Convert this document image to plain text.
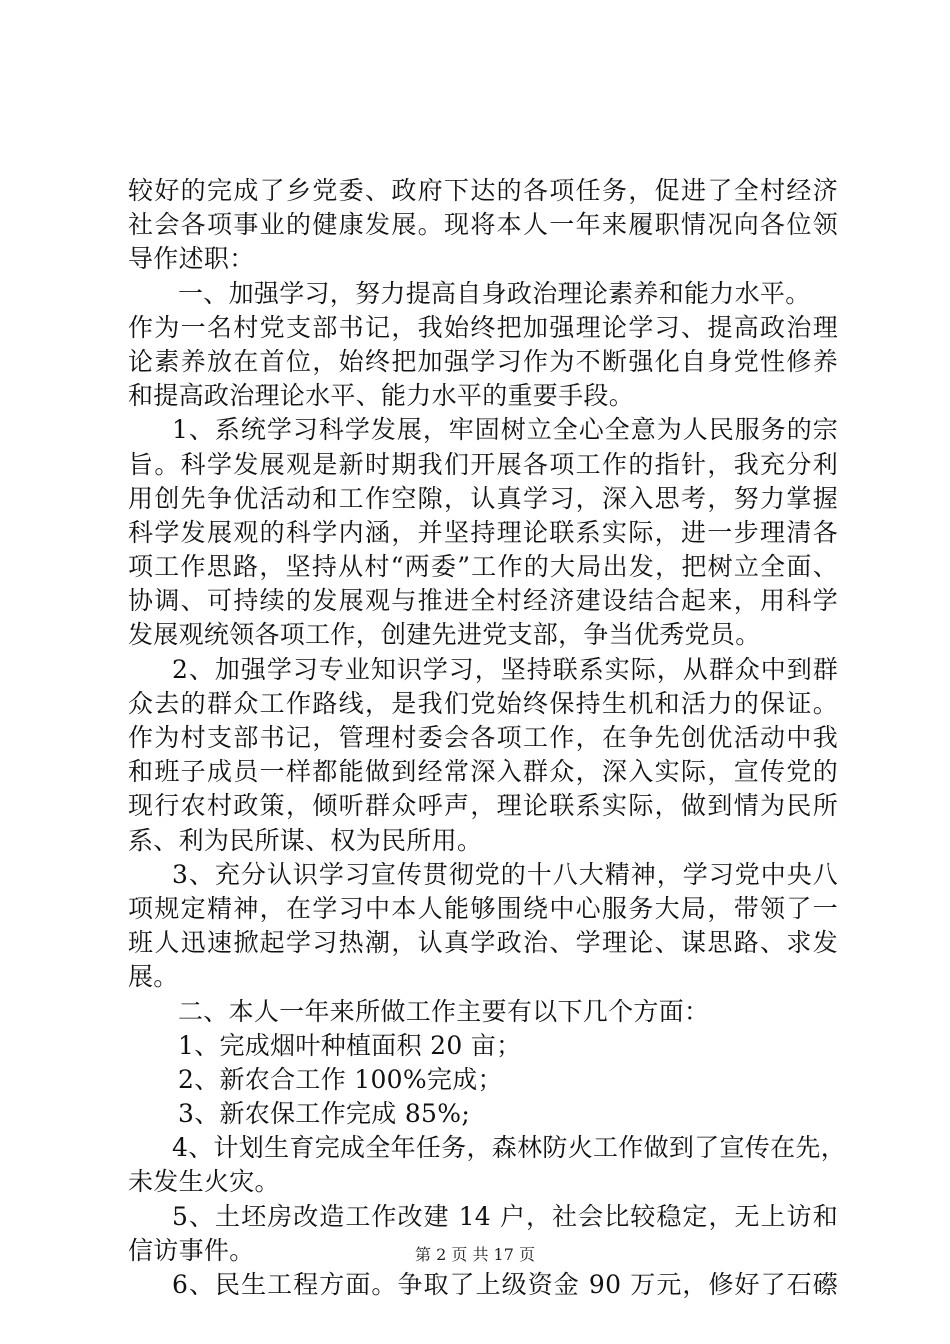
较好的完成了乡党委、政府下达的各项任务，促进了全村经济
社会各项事业的健康发展。现将本人一年来履职情况向各位领
导作述职：
一、加强学习，努力提高自身政治理论素养和能力水平。
作为一名村党支部书记，我始终把加强理论学习、提高政治理
论素养放在首位，始终把加强学习作为不断强化自身党性修养
和提高政治理论水平、能力水平的重要手段。
1、系统学习科学发展，牢固树立全心全意为人民服务的宗
旨。科学发展观是新时期我们开展各项工作的指针，我充分利
用创先争优活动和工作空隙，认真学习，深入思考，努力掌握
科学发展观的科学内涵，并坚持理论联系实际，进一步理清各
项工作思路，坚持从村“两委”工作的大局出发，把树立全面、
协调、可持续的发展观与推进全村经济建设结合起来，用科学
发展观统领各项工作，创建先进党支部，争当优秀党员。
2、加强学习专业知识学习，坚持联系实际，从群众中到群
众去的群众工作路线，是我们党始终保持生机和活力的保证。
作为村支部书记，管理村委会各项工作，在争先创优活动中我
和班子成员一样都能做到经常深入群众，深入实际，宣传党的
现行农村政策，倾听群众呼声，理论联系实际，做到情为民所
系、利为民所谋、权为民所用。
3、充分认识学习宣传贯彻党的十八大精神，学习党中央八
项规定精神，在学习中本人能够围绕中心服务大局，带领了一
班人迅速掀起学习热潮，认真学政治、学理论、谋思路、求发
展。
二、本人一年来所做工作主要有以下几个方面：
1、完成烟叶种植面积 20 亩；
2、新农合工作 100%完成；
3、新农保工作完成 85%;
4、计划生育完成全年任务，森林防火工作做到了宣传在先，
未发生火灾。
5、土坯房改造工作改建 14 户，社会比较稳定，无上访和
信访事件。
6、民生工程方面。争取了上级资金 90 万元，修好了石礤
第 2 页 共 17 页
